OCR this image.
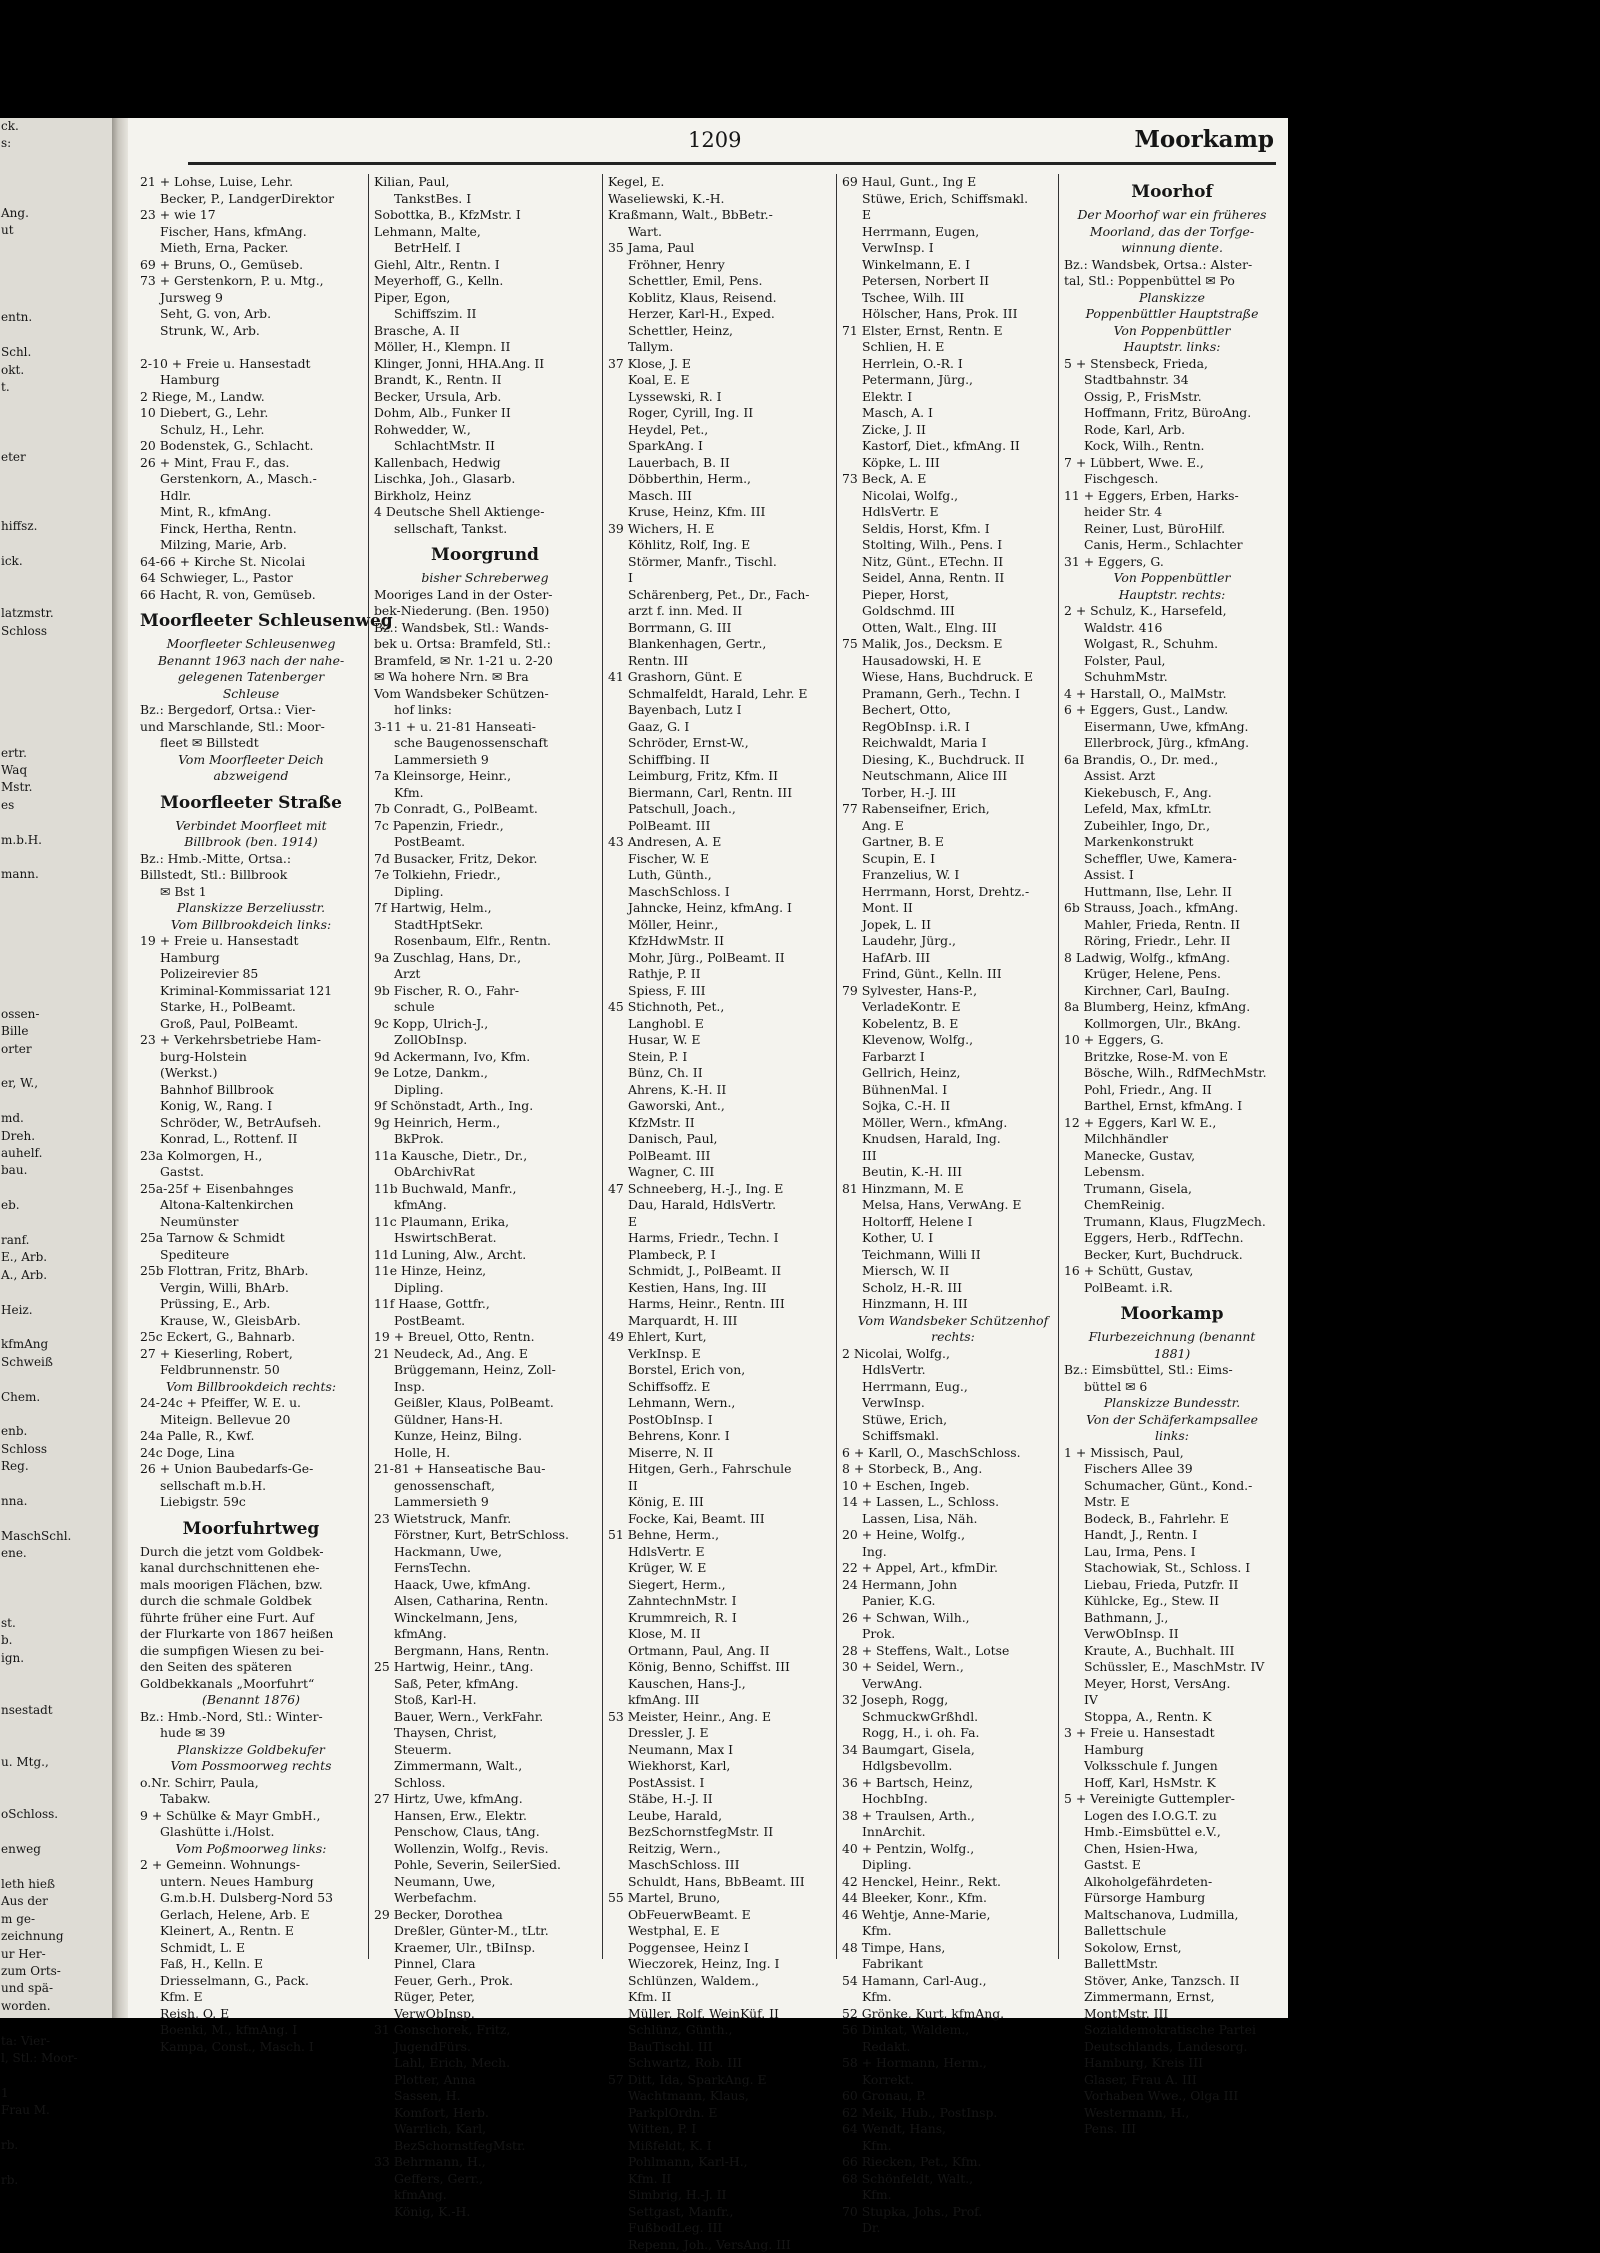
ck.
s:

Ang.
ut

entn.

Schl.
okt.
t.

eter

hiffsz.

ick.

latzmstr.
Schloss

ertr.
Waq
Mstr.
es

m.b.H.

mann.

ossen-
Bille
orter

er, W.,

md.
Dreh.
auhelf.
bau.

eb.

ranf.
E., Arb.
A., Arb.

Heiz.

kfmAng
Schweiß

Chem.

enb.
Schloss
Reg.

nna.

MaschSchl.
ene.

st.
b.
ign.

nsestadt

u. Mtg.,

oSchloss.

enweg

leth hieß
Aus der
m ge-
zeichnung
ur Her-
zum Orts-
und spä-
worden.

ta: Vier-
l, Stl.: Moor-

1
Frau M.

rb.

rb.
1209	Moorkamp
21 + Lohse, Luise, Lehr.
Becker, P., LandgerDirektor
23 + wie 17
Fischer, Hans, kfmAng.
Mieth, Erna, Packer.
69 + Bruns, O., Gemüseb.
73 + Gerstenkorn, P. u. Mtg.,
Jursweg 9
Seht, G. von, Arb.
Strunk, W., Arb.

2-10 + Freie u. Hansestadt
Hamburg
2 Riege, M., Landw.
10 Diebert, G., Lehr.
Schulz, H., Lehr.
20 Bodenstek, G., Schlacht.
26 + Mint, Frau F., das.
Gerstenkorn, A., Masch.-
Hdlr.
Mint, R., kfmAng.
Finck, Hertha, Rentn.
Milzing, Marie, Arb.
64-66 + Kirche St. Nicolai
64 Schwieger, L., Pastor
66 Hacht, R. von, Gemüseb.
Moorfleeter Schleusenweg
Moorfleeter Schleusenweg
Benannt 1963 nach der nahe-
gelegenen Tatenberger
Schleuse
Bz.: Bergedorf, Ortsa.: Vier-
und Marschlande, Stl.: Moor-
fleet ✉ Billstedt
Vom Moorfleeter Deich
abzweigend
Moorfleeter Straße
Verbindet Moorfleet mit
Billbrook (ben. 1914)
Bz.: Hmb.-Mitte, Ortsa.:
Billstedt, Stl.: Billbrook
✉ Bst 1
Planskizze Berzeliusstr.
Vom Billbrookdeich links:
19 + Freie u. Hansestadt
Hamburg
Polizeirevier 85
Kriminal-Kommissariat 121
Starke, H., PolBeamt.
Groß, Paul, PolBeamt.
23 + Verkehrsbetriebe Ham-
burg-Holstein
(Werkst.)
Bahnhof Billbrook
Konig, W., Rang. I
Schröder, W., BetrAufseh.
Konrad, L., Rottenf. II
23a Kolmorgen, H.,
Gastst.
25a-25f + Eisenbahnges
Altona-Kaltenkirchen
Neumünster
25a Tarnow & Schmidt
Spediteure
25b Flottran, Fritz, BhArb.
Vergin, Willi, BhArb.
Prüssing, E., Arb.
Krause, W., GleisbArb.
25c Eckert, G., Bahnarb.
27 + Kieserling, Robert,
Feldbrunnenstr. 50
Vom Billbrookdeich rechts:
24-24c + Pfeiffer, W. E. u.
Miteign. Bellevue 20
24a Palle, R., Kwf.
24c Doge, Lina
26 + Union Baubedarfs-Ge-
sellschaft m.b.H.
Liebigstr. 59c
Moorfuhrtweg
Durch die jetzt vom Goldbek-
kanal durchschnittenen ehe-
mals moorigen Flächen, bzw.
durch die schmale Goldbek
führte früher eine Furt. Auf
der Flurkarte von 1867 heißen
die sumpfigen Wiesen zu bei-
den Seiten des späteren
Goldbekkanals „Moorfuhrt“
(Benannt 1876)
Bz.: Hmb.-Nord, Stl.: Winter-
hude ✉ 39
Planskizze Goldbekufer
Vom Possmoorweg rechts
o.Nr. Schirr, Paula,
Tabakw.
9 + Schülke & Mayr GmbH.,
Glashütte i./Holst.
Vom Poßmoorweg links:
2 + Gemeinn. Wohnungs-
untern. Neues Hamburg
G.m.b.H. Dulsberg-Nord 53
Gerlach, Helene, Arb. E
Kleinert, A., Rentn. E
Schmidt, L. E
Faß, H., Kelln. E
Driesselmann, G., Pack.
Kfm. E
Reish, O. E
Boenki, M., kfmAng. I
Kampa, Const., Masch. I
Kilian, Paul,
TankstBes. I
Sobottka, B., KfzMstr. I
Lehmann, Malte,
BetrHelf. I
Giehl, Altr., Rentn. I
Meyerhoff, G., Kelln.
Piper, Egon,
Schiffszim. II
Brasche, A. II
Möller, H., Klempn. II
Klinger, Jonni, HHA.Ang. II
Brandt, K., Rentn. II
Becker, Ursula, Arb.
Dohm, Alb., Funker II
Rohwedder, W.,
SchlachtMstr. II
Kallenbach, Hedwig
Lischka, Joh., Glasarb.
Birkholz, Heinz
4 Deutsche Shell Aktienge-
sellschaft, Tankst.
Moorgrund
bisher Schreberweg
Mooriges Land in der Oster-
bek-Niederung. (Ben. 1950)
Bz.: Wandsbek, Stl.: Wands-
bek u. Ortsa: Bramfeld, Stl.:
Bramfeld, ✉ Nr. 1-21 u. 2-20
✉ Wa hohere Nrn. ✉ Bra
Vom Wandsbeker Schützen-
hof links:
3-11 + u. 21-81 Hanseati-
sche Baugenossenschaft
Lammersieth 9
7a Kleinsorge, Heinr.,
Kfm.
7b Conradt, G., PolBeamt.
7c Papenzin, Friedr.,
PostBeamt.
7d Busacker, Fritz, Dekor.
7e Tolkiehn, Friedr.,
Dipling.
7f Hartwig, Helm.,
StadtHptSekr.
Rosenbaum, Elfr., Rentn.
9a Zuschlag, Hans, Dr.,
Arzt
9b Fischer, R. O., Fahr-
schule
9c Kopp, Ulrich-J.,
ZollObInsp.
9d Ackermann, Ivo, Kfm.
9e Lotze, Dankm.,
Dipling.
9f Schönstadt, Arth., Ing.
9g Heinrich, Herm.,
BkProk.
11a Kausche, Dietr., Dr.,
ObArchivRat
11b Buchwald, Manfr.,
kfmAng.
11c Plaumann, Erika,
HswirtschBerat.
11d Luning, Alw., Archt.
11e Hinze, Heinz,
Dipling.
11f Haase, Gottfr.,
PostBeamt.
19 + Breuel, Otto, Rentn.
21 Neudeck, Ad., Ang. E
Brüggemann, Heinz, Zoll-
Insp.
Geißler, Klaus, PolBeamt.
Güldner, Hans-H.
Kunze, Heinz, Bilng.
Holle, H.
21-81 + Hanseatische Bau-
genossenschaft,
Lammersieth 9
23 Wietstruck, Manfr.
Förstner, Kurt, BetrSchloss.
Hackmann, Uwe,
FernsTechn.
Haack, Uwe, kfmAng.
Alsen, Catharina, Rentn.
Winckelmann, Jens,
kfmAng.
Bergmann, Hans, Rentn.
25 Hartwig, Heinr., tAng.
Saß, Peter, kfmAng.
Stoß, Karl-H.
Bauer, Wern., VerkFahr.
Thaysen, Christ,
Steuerm.
Zimmermann, Walt.,
Schloss.
27 Hirtz, Uwe, kfmAng.
Hansen, Erw., Elektr.
Penschow, Claus, tAng.
Wollenzin, Wolfg., Revis.
Pohle, Severin, SeilerSied.
Neumann, Uwe,
Werbefachm.
29 Becker, Dorothea
Dreßler, Günter-M., tLtr.
Kraemer, Ulr., tBiInsp.
Pinnel, Clara
Feuer, Gerh., Prok.
Rüger, Peter,
VerwObInsp.
31 Gonschorek, Fritz,
JugendFürs.
Lahl, Erich, Mech.
Plotter, Anna
Sassen, H.
Komfort, Herb.
Warrlich, Karl,
BezSchornstfegMstr.
33 Behrmann, H.,
Geffers, Gerr.,
kfmAng.
König, K.-H.
Kegel, E.
Waseliewski, K.-H.
Kraßmann, Walt., BbBetr.-
Wart.
35 Jama, Paul
Fröhner, Henry
Schettler, Emil, Pens.
Koblitz, Klaus, Reisend.
Herzer, Karl-H., Exped.
Schettler, Heinz,
Tallym.
37 Klose, J. E
Koal, E. E
Lyssewski, R. I
Roger, Cyrill, Ing. II
Heydel, Pet.,
SparkAng. I
Lauerbach, B. II
Döbberthin, Herm.,
Masch. III
Kruse, Heinz, Kfm. III
39 Wichers, H. E
Köhlitz, Rolf, Ing. E
Störmer, Manfr., Tischl.
I
Schärenberg, Pet., Dr., Fach-
arzt f. inn. Med. II
Borrmann, G. III
Blankenhagen, Gertr.,
Rentn. III
41 Grashorn, Günt. E
Schmalfeldt, Harald, Lehr. E
Bayenbach, Lutz I
Gaaz, G. I
Schröder, Ernst-W.,
Schiffbing. II
Leimburg, Fritz, Kfm. II
Biermann, Carl, Rentn. III
Patschull, Joach.,
PolBeamt. III
43 Andresen, A. E
Fischer, W. E
Luth, Günth.,
MaschSchloss. I
Jahncke, Heinz, kfmAng. I
Möller, Heinr.,
KfzHdwMstr. II
Mohr, Jürg., PolBeamt. II
Rathje, P. II
Spiess, F. III
45 Stichnoth, Pet.,
Langhobl. E
Husar, W. E
Stein, P. I
Bünz, Ch. II
Ahrens, K.-H. II
Gaworski, Ant.,
KfzMstr. II
Danisch, Paul,
PolBeamt. III
Wagner, C. III
47 Schneeberg, H.-J., Ing. E
Dau, Harald, HdlsVertr.
E
Harms, Friedr., Techn. I
Plambeck, P. I
Schmidt, J., PolBeamt. II
Kestien, Hans, Ing. III
Harms, Heinr., Rentn. III
Marquardt, H. III
49 Ehlert, Kurt,
VerkInsp. E
Borstel, Erich von,
Schiffsoffz. E
Lehmann, Wern.,
PostObInsp. I
Behrens, Konr. I
Miserre, N. II
Hitgen, Gerh., Fahrschule
II
König, E. III
Focke, Kai, Beamt. III
51 Behne, Herm.,
HdlsVertr. E
Krüger, W. E
Siegert, Herm.,
ZahntechnMstr. I
Krummreich, R. I
Klose, M. II
Ortmann, Paul, Ang. II
König, Benno, Schiffst. III
Kauschen, Hans-J.,
kfmAng. III
53 Meister, Heinr., Ang. E
Dressler, J. E
Neumann, Max I
Wiekhorst, Karl,
PostAssist. I
Stäbe, H.-J. II
Leube, Harald,
BezSchornstfegMstr. II
Reitzig, Wern.,
MaschSchloss. III
Schuldt, Hans, BbBeamt. III
55 Martel, Bruno,
ObFeuerwBeamt. E
Westphal, E. E
Poggensee, Heinz I
Wieczorek, Heinz, Ing. I
Schlünzen, Waldem.,
Kfm. II
Müller, Rolf, WeinKüf. II
Schlünz, Günth.,
BauTischl. III
Schwartz, Rob. III
57 Ditt, Ida, SparkAng. E
Wachtmann, Klaus,
ParkplOrdn. E
Witten, P. I
Mißfeldt, K. I
Pohlmann, Karl-H.,
Kfm. II
Simbrig, H.-J. II
Settgast, Manfr.,
FußbodLeg. III
Repenn, Joh., VersAng. III
69 Haul, Gunt., Ing E
Stüwe, Erich, Schiffsmakl.
E
Herrmann, Eugen,
VerwInsp. I
Winkelmann, E. I
Petersen, Norbert II
Tschee, Wilh. III
Hölscher, Hans, Prok. III
71 Elster, Ernst, Rentn. E
Schlien, H. E
Herrlein, O.-R. I
Petermann, Jürg.,
Elektr. I
Masch, A. I
Zicke, J. II
Kastorf, Diet., kfmAng. II
Köpke, L. III
73 Beck, A. E
Nicolai, Wolfg.,
HdlsVertr. E
Seldis, Horst, Kfm. I
Stolting, Wilh., Pens. I
Nitz, Günt., ETechn. II
Seidel, Anna, Rentn. II
Pieper, Horst,
Goldschmd. III
Otten, Walt., Elng. III
75 Malik, Jos., Decksm. E
Hausadowski, H. E
Wiese, Hans, Buchdruck. E
Pramann, Gerh., Techn. I
Bechert, Otto,
RegObInsp. i.R. I
Reichwaldt, Maria I
Diesing, K., Buchdruck. II
Neutschmann, Alice III
Torber, H.-J. III
77 Rabenseifner, Erich,
Ang. E
Gartner, B. E
Scupin, E. I
Franzelius, W. I
Herrmann, Horst, Drehtz.-
Mont. II
Jopek, L. II
Laudehr, Jürg.,
HafArb. III
Frind, Günt., Kelln. III
79 Sylvester, Hans-P.,
VerladeKontr. E
Kobelentz, B. E
Klevenow, Wolfg.,
Farbarzt I
Gellrich, Heinz,
BühnenMal. I
Sojka, C.-H. II
Möller, Wern., kfmAng.
Knudsen, Harald, Ing.
III
Beutin, K.-H. III
81 Hinzmann, M. E
Melsa, Hans, VerwAng. E
Holtorff, Helene I
Kother, U. I
Teichmann, Willi II
Miersch, W. II
Scholz, H.-R. III
Hinzmann, H. III
Vom Wandsbeker Schützenhof
rechts:
2 Nicolai, Wolfg.,
HdlsVertr.
Herrmann, Eug.,
VerwInsp.
Stüwe, Erich,
Schiffsmakl.
6 + Karll, O., MaschSchloss.
8 + Storbeck, B., Ang.
10 + Eschen, Ingeb.
14 + Lassen, L., Schloss.
Lassen, Lisa, Näh.
20 + Heine, Wolfg.,
Ing.
22 + Appel, Art., kfmDir.
24 Hermann, John
Panier, K.G.
26 + Schwan, Wilh.,
Prok.
28 + Steffens, Walt., Lotse
30 + Seidel, Wern.,
VerwAng.
32 Joseph, Rogg,
SchmuckwGrßhdl.
Rogg, H., i. oh. Fa.
34 Baumgart, Gisela,
Hdlgsbevollm.
36 + Bartsch, Heinz,
HochbIng.
38 + Traulsen, Arth.,
InnArchit.
40 + Pentzin, Wolfg.,
Dipling.
42 Henckel, Heinr., Rekt.
44 Bleeker, Konr., Kfm.
46 Wehtje, Anne-Marie,
Kfm.
48 Timpe, Hans,
Fabrikant
54 Hamann, Carl-Aug.,
Kfm.
52 Grönke, Kurt, kfmAng.
56 Dinkat, Waldem.,
Redakt.
58 + Hormann, Herm.,
Korrekt.
60 Gronau, P.
62 Meik, Hub., PostInsp.
64 Wendt, Hans,
Kfm.
66 Riecken, Pet., Kfm.
68 Schönfeldt, Walt.,
Kfm.
70 Stupka, Johs., Prof.
Dr.
Moorhof
Der Moorhof war ein früheres
Moorland, das der Torfge-
winnung diente.
Bz.: Wandsbek, Ortsa.: Alster-
tal, Stl.: Poppenbüttel ✉ Po
Planskizze
Poppenbüttler Hauptstraße
Von Poppenbüttler
Hauptstr. links:
5 + Stensbeck, Frieda,
Stadtbahnstr. 34
Ossig, P., FrisMstr.
Hoffmann, Fritz, BüroAng.
Rode, Karl, Arb.
Kock, Wilh., Rentn.
7 + Lübbert, Wwe. E.,
Fischgesch.
11 + Eggers, Erben, Harks-
heider Str. 4
Reiner, Lust, BüroHilf.
Canis, Herm., Schlachter
31 + Eggers, G.
Von Poppenbüttler
Hauptstr. rechts:
2 + Schulz, K., Harsefeld,
Waldstr. 416
Wolgast, R., Schuhm.
Folster, Paul,
SchuhmMstr.
4 + Harstall, O., MalMstr.
6 + Eggers, Gust., Landw.
Eisermann, Uwe, kfmAng.
Ellerbrock, Jürg., kfmAng.
6a Brandis, O., Dr. med.,
Assist. Arzt
Kiekebusch, F., Ang.
Lefeld, Max, kfmLtr.
Zubeihler, Ingo, Dr.,
Markenkonstrukt
Scheffler, Uwe, Kamera-
Assist. I
Huttmann, Ilse, Lehr. II
6b Strauss, Joach., kfmAng.
Mahler, Frieda, Rentn. II
Röring, Friedr., Lehr. II
8 Ladwig, Wolfg., kfmAng.
Krüger, Helene, Pens.
Kirchner, Carl, BauIng.
8a Blumberg, Heinz, kfmAng.
Kollmorgen, Ulr., BkAng.
10 + Eggers, G.
Britzke, Rose-M. von E
Bösche, Wilh., RdfMechMstr.
Pohl, Friedr., Ang. II
Barthel, Ernst, kfmAng. I
12 + Eggers, Karl W. E.,
Milchhändler
Manecke, Gustav,
Lebensm.
Trumann, Gisela,
ChemReinig.
Trumann, Klaus, FlugzMech.
Eggers, Herb., RdfTechn.
Becker, Kurt, Buchdruck.
16 + Schütt, Gustav,
PolBeamt. i.R.
Moorkamp
Flurbezeichnung (benannt
1881)
Bz.: Eimsbüttel, Stl.: Eims-
büttel ✉ 6
Planskizze Bundesstr.
Von der Schäferkampsallee
links:
1 + Missisch, Paul,
Fischers Allee 39
Schumacher, Günt., Kond.-
Mstr. E
Bodeck, B., Fahrlehr. E
Handt, J., Rentn. I
Lau, Irma, Pens. I
Stachowiak, St., Schloss. I
Liebau, Frieda, Putzfr. II
Kühlcke, Eg., Stew. II
Bathmann, J.,
VerwObInsp. II
Kraute, A., Buchhalt. III
Schüssler, E., MaschMstr. IV
Meyer, Horst, VersAng.
IV
Stoppa, A., Rentn. K
3 + Freie u. Hansestadt
Hamburg
Volksschule f. Jungen
Hoff, Karl, HsMstr. K
5 + Vereinigte Guttempler-
Logen des I.O.G.T. zu
Hmb.-Eimsbüttel e.V.,
Chen, Hsien-Hwa,
Gastst. E
Alkoholgefährdeten-
Fürsorge Hamburg
Maltschanova, Ludmilla,
Ballettschule
Sokolow, Ernst,
BallettMstr.
Stöver, Anke, Tanzsch. II
Zimmermann, Ernst,
MontMstr. III
Sozialdemokratische Partei
Deutschlands, Landesorg.
Hamburg, Kreis III
Glaser, Frau A. III
Vorhaben Wwe., Olga III
Westermann, H.,
Pens. III
